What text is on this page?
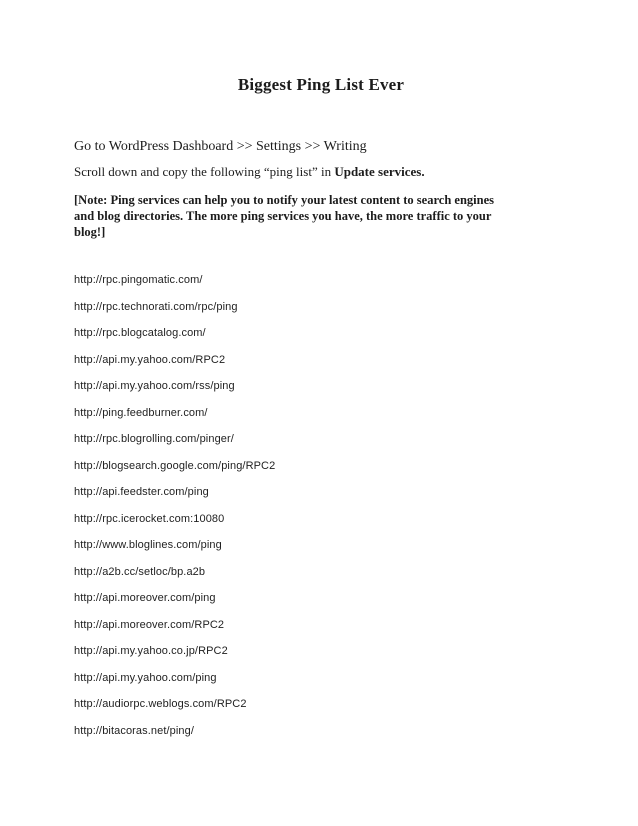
Biggest Ping List Ever

Go to WordPress Dashboard >> Settings >> Writing

Scroll down and copy the following “ping list” in Update services.

[Note: Ping services can help you to notify your latest content to search engines
and blog directories. The more ping services you have, the more traffic to your
blog!]

http://rpc.pingomatic.com/

http://rpc.technorati.com/rpc/ping

http://rpc.blogcatalog.com/

http://api.my.yahoo.com/RPC2

http://api.my.yahoo.com/rss/ping

http://ping.feedburner.com/

http://rpc.blogrolling.com/pinger/

http://blogsearch.google.com/ping/RPC2

http://api.feedster.com/ping

http://rpc.icerocket.com:10080

http://www.bloglines.com/ping

http://a2b.cc/setloc/bp.a2b

http://api.moreover.com/ping

http://api.moreover.com/RPC2

http://api.my.yahoo.co.jp/RPC2

http://api.my.yahoo.com/ping

http://audiorpc.weblogs.com/RPC2

http://bitacoras.net/ping/
